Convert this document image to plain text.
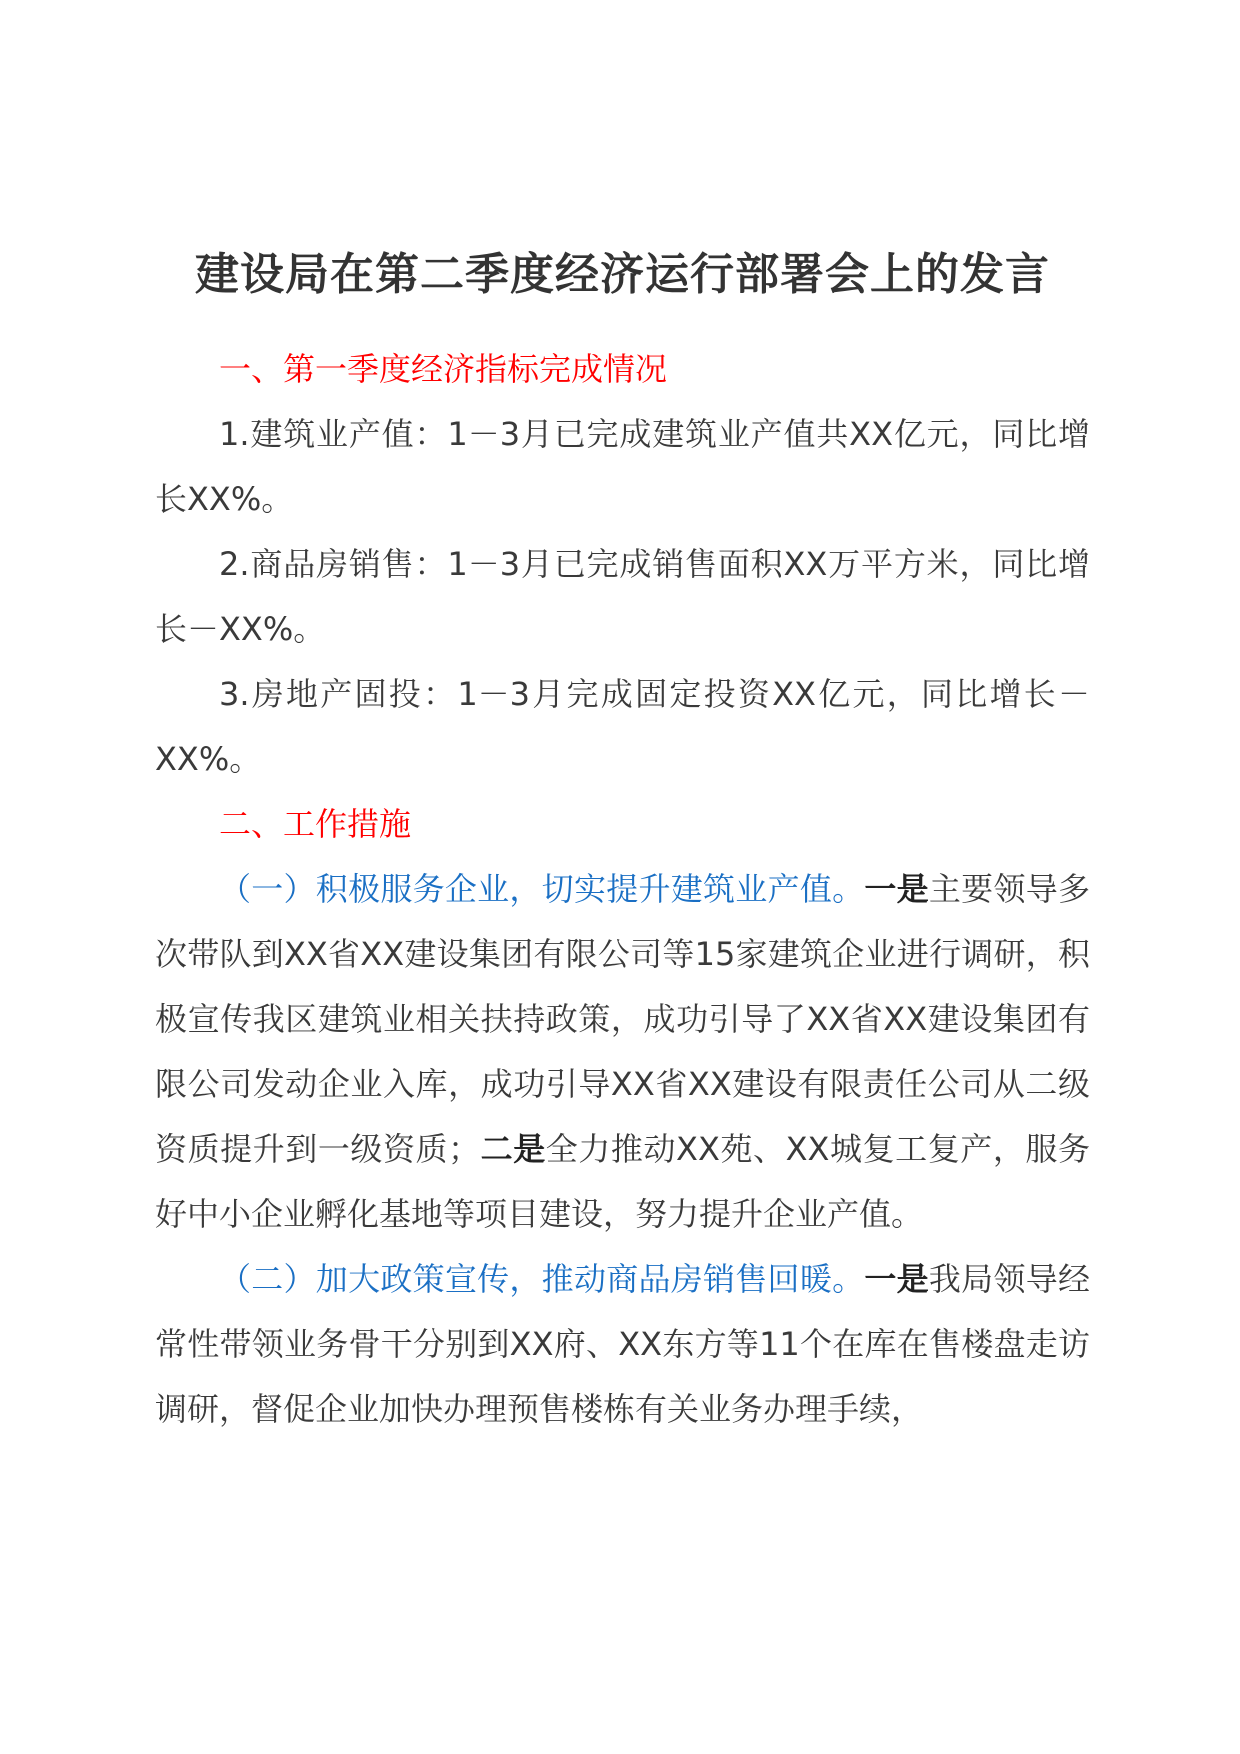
建设局在第二季度经济运行部署会上的发言

一、第一季度经济指标完成情况

1.建筑业产值：1－3月已完成建筑业产值共XX亿元，同比增长XX%。

2.商品房销售：1－3月已完成销售面积XX万平方米，同比增长－XX%。

3.房地产固投：1－3月完成固定投资XX亿元，同比增长－XX%。

二、工作措施

（一）积极服务企业，切实提升建筑业产值。一是主要领导多次带队到XX省XX建设集团有限公司等15家建筑企业进行调研，积极宣传我区建筑业相关扶持政策，成功引导了XX省XX建设集团有限公司发动企业入库，成功引导XX省XX建设有限责任公司从二级资质提升到一级资质；二是全力推动XX苑、XX城复工复产，服务好中小企业孵化基地等项目建设，努力提升企业产值。

（二）加大政策宣传，推动商品房销售回暖。一是我局领导经常性带领业务骨干分别到XX府、XX东方等11个在库在售楼盘走访调研，督促企业加快办理预售楼栋有关业务办理手续，
